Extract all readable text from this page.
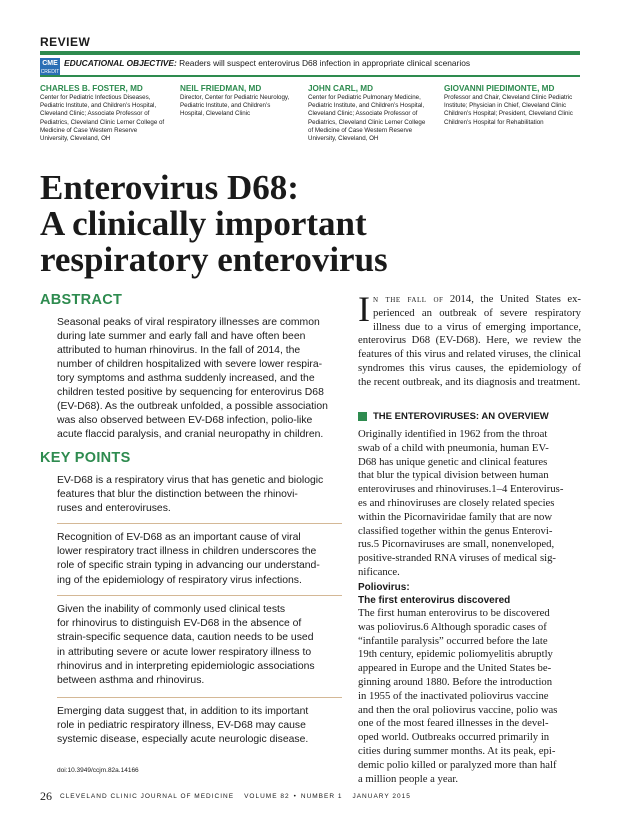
REVIEW
CME
CREDIT
EDUCATIONAL OBJECTIVE: Readers will suspect enterovirus D68 infection in appropriate clinical scenarios
CHARLES B. FOSTER, MD
Center for Pediatric Infectious Diseases,
Pediatric Institute, and Children’s Hospital,
Cleveland Clinic; Associate Professor of
Pediatrics, Cleveland Clinic Lerner College of
Medicine of Case Western Reserve
University, Cleveland, OH
NEIL FRIEDMAN, MD
Director, Center for Pediatric Neurology,
Pediatric Institute, and Children’s
Hospital, Cleveland Clinic
JOHN CARL, MD
Center for Pediatric Pulmonary Medicine,
Pediatric Institute, and Children’s Hospital,
Cleveland Clinic; Associate Professor of
Pediatrics, Cleveland Clinic Lerner College
of Medicine of Case Western Reserve
University, Cleveland, OH
GIOVANNI PIEDIMONTE, MD
Professor and Chair, Cleveland Clinic Pediatric
Institute; Physician in Chief, Cleveland Clinic
Children’s Hospital; President, Cleveland Clinic
Children’s Hospital for Rehabilitation
Enterovirus D68:
A clinically important
respiratory enterovirus
ABSTRACT
Seasonal peaks of viral respiratory illnesses are common
during late summer and early fall and have often been
attributed to human rhinovirus. In the fall of 2014, the
number of children hospitalized with severe lower respira-
tory symptoms and asthma suddenly increased, and the
children tested positive by sequencing for enterovirus D68
(EV-D68). As the outbreak unfolded, a possible association
was also observed between EV-D68 infection, polio-like
acute flaccid paralysis, and cranial neuropathy in children.
KEY POINTS
EV-D68 is a respiratory virus that has genetic and biologic
features that blur the distinction between the rhinovi-
ruses and enteroviruses.
Recognition of EV-D68 as an important cause of viral
lower respiratory tract illness in children underscores the
role of specific strain typing in advancing our understand-
ing of the epidemiology of respiratory virus infections.
Given the inability of commonly used clinical tests
for rhinovirus to distinguish EV-D68 in the absence of
strain-specific sequence data, caution needs to be used
in attributing severe or acute lower respiratory illness to
rhinovirus and in interpreting epidemiologic associations
between asthma and rhinovirus.
Emerging data suggest that, in addition to its important
role in pediatric respiratory illness, EV-D68 may cause
systemic disease, especially acute neurologic disease.
doi:10.3949/ccjm.82a.14166
In the fall of 2014, the United States ex-perienced an outbreak of severe respiratory illness due to a virus of emerging importance, enterovirus D68 (EV-D68). Here, we review the features of this virus and related viruses, the clinical syndromes this virus causes, the epidemiology of the recent outbreak, and its diagnosis and treatment.
THE ENTEROVIRUSES: AN OVERVIEW
Originally identified in 1962 from the throat
swab of a child with pneumonia, human EV-
D68 has unique genetic and clinical features
that blur the typical division between human
enteroviruses and rhinoviruses.1–4 Enterovirus-
es and rhinoviruses are closely related species
within the Picornaviridae family that are now
classified together within the genus Enterovi-
rus.5 Picornaviruses are small, nonenveloped,
positive-stranded RNA viruses of medical sig-
nificance.
Poliovirus:
The first enterovirus discovered
The first human enterovirus to be discovered
was poliovirus.6 Although sporadic cases of
“infantile paralysis” occurred before the late
19th century, epidemic poliomyelitis abruptly
appeared in Europe and the United States be-
ginning around 1880. Before the introduction
in 1955 of the inactivated poliovirus vaccine
and then the oral poliovirus vaccine, polio was
one of the most feared illnesses in the devel-
oped world. Outbreaks occurred primarily in
cities during summer months. At its peak, epi-
demic polio killed or paralyzed more than half
a million people a year.
26 CLEVELAND CLINIC JOURNAL OF MEDICINE VOLUME 82 • NUMBER 1 JANUARY 2015
